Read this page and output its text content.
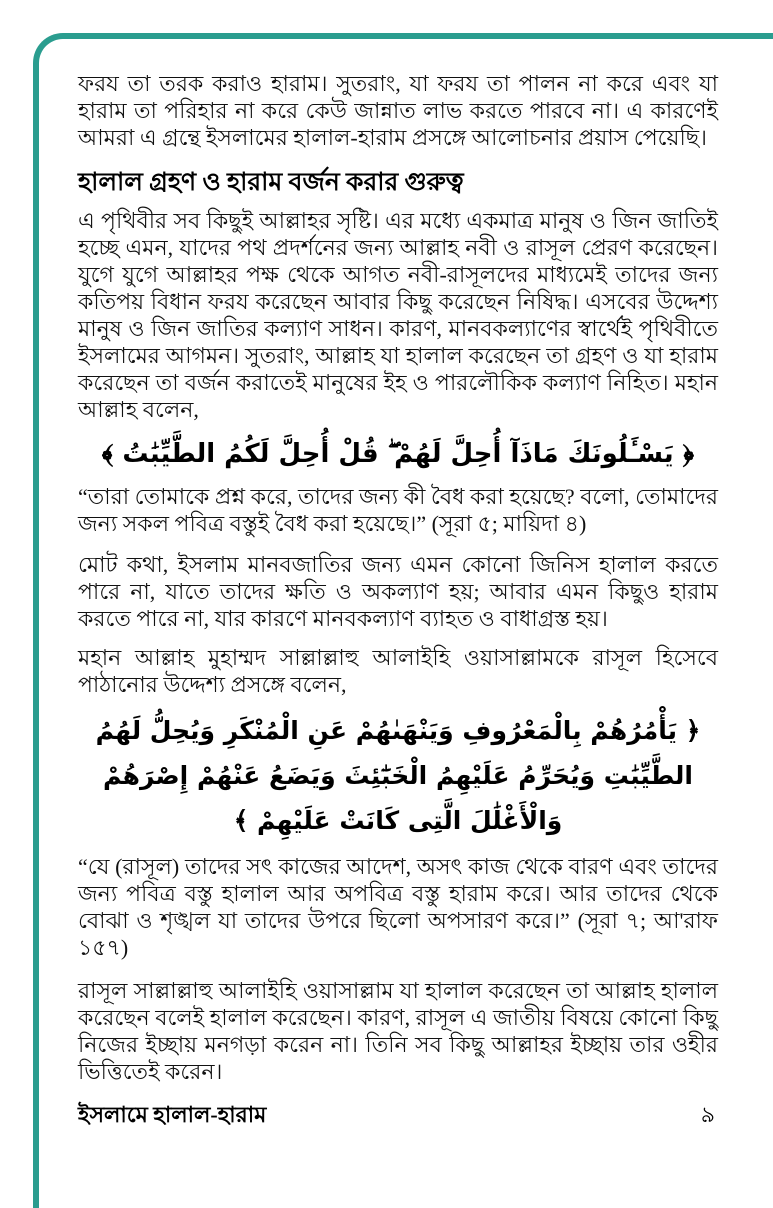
ফরয তা তরক করাও হারাম। সুতরাং, যা ফরয তা পালন না করে এবং যা হারাম তা পরিহার না করে কেউ জান্নাত লাভ করতে পারবে না। এ কারণেই আমরা এ গ্রন্থে ইসলামের হালাল-হারাম প্রসঙ্গে আলোচনার প্রয়াস পেয়েছি।

হালাল গ্রহণ ও হারাম বর্জন করার গুরুত্ব

এ পৃথিবীর সব কিছুই আল্লাহর সৃষ্টি। এর মধ্যে একমাত্র মানুষ ও জিন জাতিই হচ্ছে এমন, যাদের পথ প্রদর্শনের জন্য আল্লাহ নবী ও রাসূল প্রেরণ করেছেন। যুগে যুগে আল্লাহর পক্ষ থেকে আগত নবী-রাসূলদের মাধ্যমেই তাদের জন্য কতিপয় বিধান ফরয করেছেন আবার কিছু করেছেন নিষিদ্ধ। এসবের উদ্দেশ্য মানুষ ও জিন জাতির কল্যাণ সাধন। কারণ, মানবকল্যাণের স্বার্থেই পৃথিবীতে ইসলামের আগমন। সুতরাং, আল্লাহ যা হালাল করেছেন তা গ্রহণ ও যা হারাম করেছেন তা বর্জন করাতেই মানুষের ইহ ও পারলৌকিক কল্যাণ নিহিত। মহান আল্লাহ বলেন,

﴿ يَسْـَٔلُونَكَ مَاذَآ أُحِلَّ لَهُمْ ۖ قُلْ أُحِلَّ لَكُمُ الطَّيِّبَٰتُ ﴾

“তারা তোমাকে প্রশ্ন করে, তাদের জন্য কী বৈধ করা হয়েছে? বলো, তোমাদের জন্য সকল পবিত্র বস্তুই বৈধ করা হয়েছে।” (সূরা ৫; মায়িদা ৪)

মোট কথা, ইসলাম মানবজাতির জন্য এমন কোনো জিনিস হালাল করতে পারে না, যাতে তাদের ক্ষতি ও অকল্যাণ হয়; আবার এমন কিছুও হারাম করতে পারে না, যার কারণে মানবকল্যাণ ব্যাহত ও বাধাগ্রস্ত হয়।

মহান আল্লাহ মুহাম্মদ সাল্লাল্লাহু আলাইহি ওয়াসাল্লামকে রাসূল হিসেবে পাঠানোর উদ্দেশ্য প্রসঙ্গে বলেন,

﴿ يَأْمُرُهُمْ بِالْمَعْرُوفِ وَيَنْهَىٰهُمْ عَنِ الْمُنْكَرِ وَيُحِلُّ لَهُمُ الطَّيِّبَٰتِ وَيُحَرِّمُ عَلَيْهِمُ الْخَبَٰٓئِثَ وَيَضَعُ عَنْهُمْ إِصْرَهُمْ وَالْأَغْلَٰلَ الَّتِى كَانَتْ عَلَيْهِمْ ﴾

“যে (রাসূল) তাদের সৎ কাজের আদেশ, অসৎ কাজ থেকে বারণ এবং তাদের জন্য পবিত্র বস্তু হালাল আর অপবিত্র বস্তু হারাম করে। আর তাদের থেকে বোঝা ও শৃঙ্খল যা তাদের উপরে ছিলো অপসারণ করে।” (সূরা ৭; আ'রাফ ১৫৭)

রাসূল সাল্লাল্লাহু আলাইহি ওয়াসাল্লাম যা হালাল করেছেন তা আল্লাহ হালাল করেছেন বলেই হালাল করেছেন। কারণ, রাসূল এ জাতীয় বিষয়ে কোনো কিছু নিজের ইচ্ছায় মনগড়া করেন না। তিনি সব কিছু আল্লাহর ইচ্ছায় তার ওহীর ভিত্তিতেই করেন।

ইসলামে হালাল-হারাম	৯
